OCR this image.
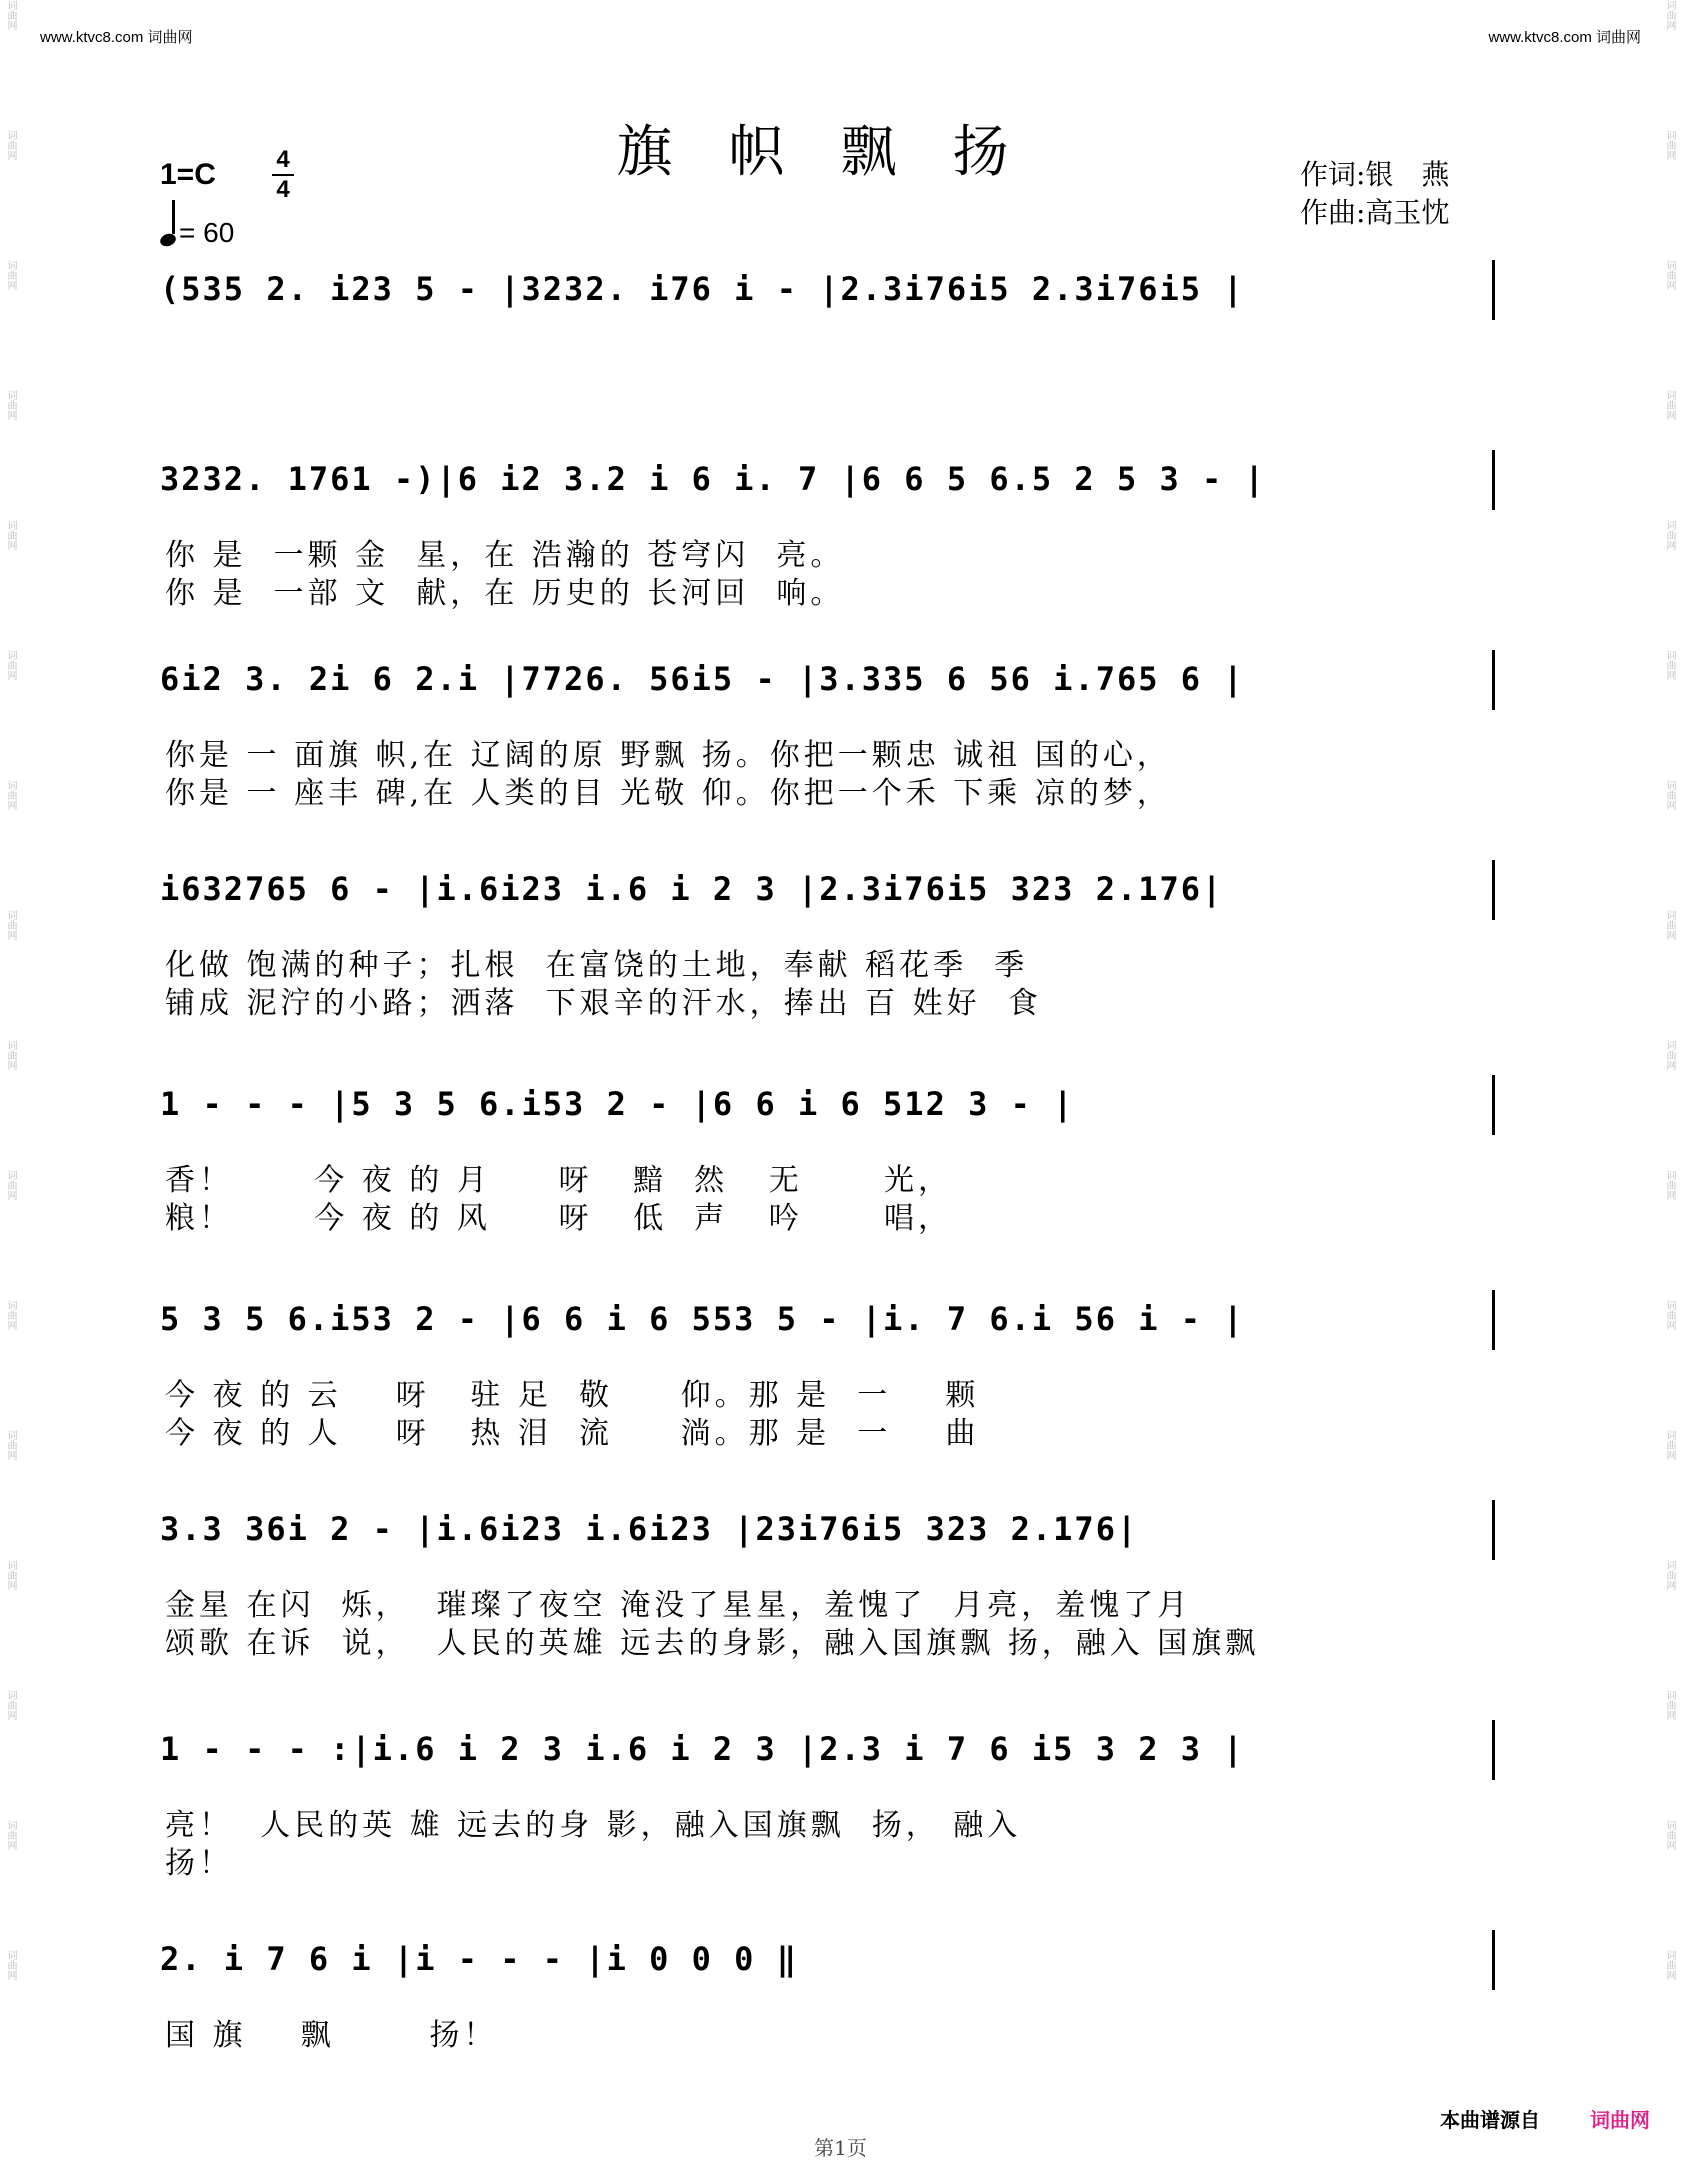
www.ktvc8.com 词曲网	www.ktvc8.com 词曲网
词曲网
词曲网
词曲网
词曲网
词曲网
词曲网
词曲网
词曲网
词曲网
词曲网
词曲网
词曲网
词曲网
词曲网
词曲网
词曲网
词曲网
词曲网
词曲网
词曲网
词曲网
词曲网
词曲网
词曲网
词曲网
词曲网
词曲网
词曲网
词曲网
词曲网
词曲网
词曲网
旗帜飘扬
1=C	4
4
= 60
作词:银　燕
作曲:高玉忱
(535 2. i23 5 - |3232. i76 i - |2.3i76i5 2.3i76i5 |
3232. 1761 -)|6 i2 3.2 i 6 i. 7 |6 6 5 6.5 2 5 3 - |
你 是  一颗 金  星，在 浩瀚的 苍穹闪  亮。
你 是  一部 文  献，在 历史的 长河回  响。
6i2 3. 2i 6 2.i |7726. 56i5 - |3.335 6 56 i.765 6 |
你是 一 面旗 帜,在 辽阔的原 野飘 扬。你把一颗忠 诚祖 国的心，
你是 一 座丰 碑,在 人类的目 光敬 仰。你把一个禾 下乘 凉的梦，
i632765 6 - |i.6i23 i.6 i 2 3 |2.3i76i5 323 2.176|
化做 饱满的种子；扎根  在富饶的土地，奉献 稻花季  季
铺成 泥泞的小路；洒落  下艰辛的汗水，捧出 百 姓好  食
1 - - - |5 3 5 6.i53 2 - |6 6 i 6 512 3 - |
香！      今 夜 的 月     呀   黯  然   无      光，
粮！      今 夜 的 风     呀   低  声   吟      唱，
5 3 5 6.i53 2 - |6 6 i 6 553 5 - |i. 7 6.i 56 i - |
今 夜 的 云    呀   驻 足  敬     仰。那 是  一    颗
今 夜 的 人    呀   热 泪  流     淌。那 是  一    曲
3.3 36i 2 - |i.6i23 i.6i23 |23i76i5 323 2.176|
金星 在闪  烁，  璀璨了夜空 淹没了星星，羞愧了  月亮，羞愧了月
颂歌 在诉  说，  人民的英雄 远去的身影，融入国旗飘 扬，融入 国旗飘
1 - - - :|i.6 i 2 3 i.6 i 2 3 |2.3 i 7 6 i5 3 2 3 |
亮！  人民的英 雄 远去的身 影，融入国旗飘  扬， 融入
扬！
2. i 7 6 i |i - - - |i 0 0 0 ‖
国 旗    飘       扬！
本曲谱源自	词曲网
第1页
